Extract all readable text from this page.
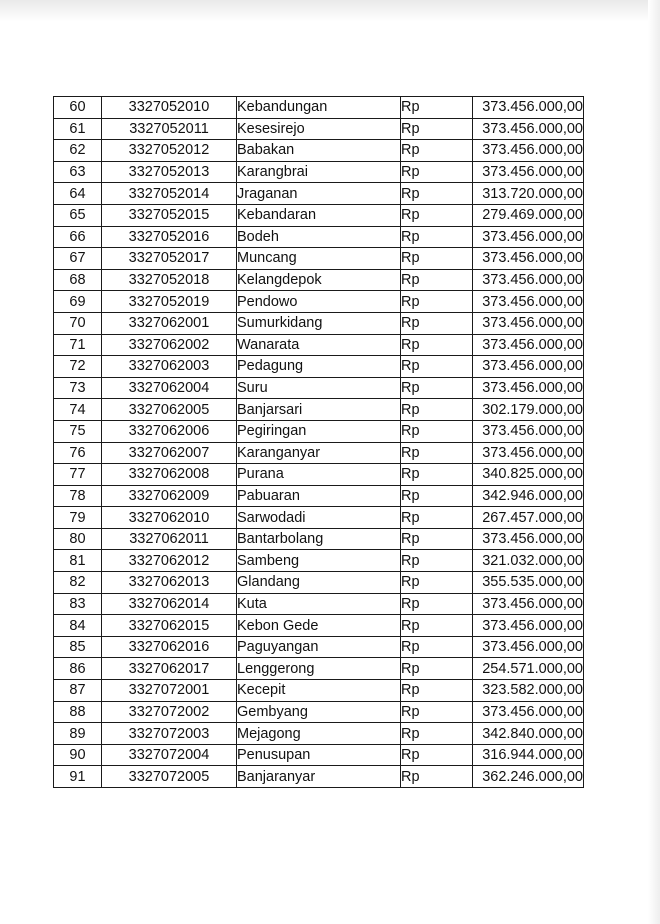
60	3327052010	Kebandungan	Rp	373.456.000,00
61	3327052011	Kesesirejo	Rp	373.456.000,00
62	3327052012	Babakan	Rp	373.456.000,00
63	3327052013	Karangbrai	Rp	373.456.000,00
64	3327052014	Jraganan	Rp	313.720.000,00
65	3327052015	Kebandaran	Rp	279.469.000,00
66	3327052016	Bodeh	Rp	373.456.000,00
67	3327052017	Muncang	Rp	373.456.000,00
68	3327052018	Kelangdepok	Rp	373.456.000,00
69	3327052019	Pendowo	Rp	373.456.000,00
70	3327062001	Sumurkidang	Rp	373.456.000,00
71	3327062002	Wanarata	Rp	373.456.000,00
72	3327062003	Pedagung	Rp	373.456.000,00
73	3327062004	Suru	Rp	373.456.000,00
74	3327062005	Banjarsari	Rp	302.179.000,00
75	3327062006	Pegiringan	Rp	373.456.000,00
76	3327062007	Karanganyar	Rp	373.456.000,00
77	3327062008	Purana	Rp	340.825.000,00
78	3327062009	Pabuaran	Rp	342.946.000,00
79	3327062010	Sarwodadi	Rp	267.457.000,00
80	3327062011	Bantarbolang	Rp	373.456.000,00
81	3327062012	Sambeng	Rp	321.032.000,00
82	3327062013	Glandang	Rp	355.535.000,00
83	3327062014	Kuta	Rp	373.456.000,00
84	3327062015	Kebon Gede	Rp	373.456.000,00
85	3327062016	Paguyangan	Rp	373.456.000,00
86	3327062017	Lenggerong	Rp	254.571.000,00
87	3327072001	Kecepit	Rp	323.582.000,00
88	3327072002	Gembyang	Rp	373.456.000,00
89	3327072003	Mejagong	Rp	342.840.000,00
90	3327072004	Penusupan	Rp	316.944.000,00
91	3327072005	Banjaranyar	Rp	362.246.000,00
